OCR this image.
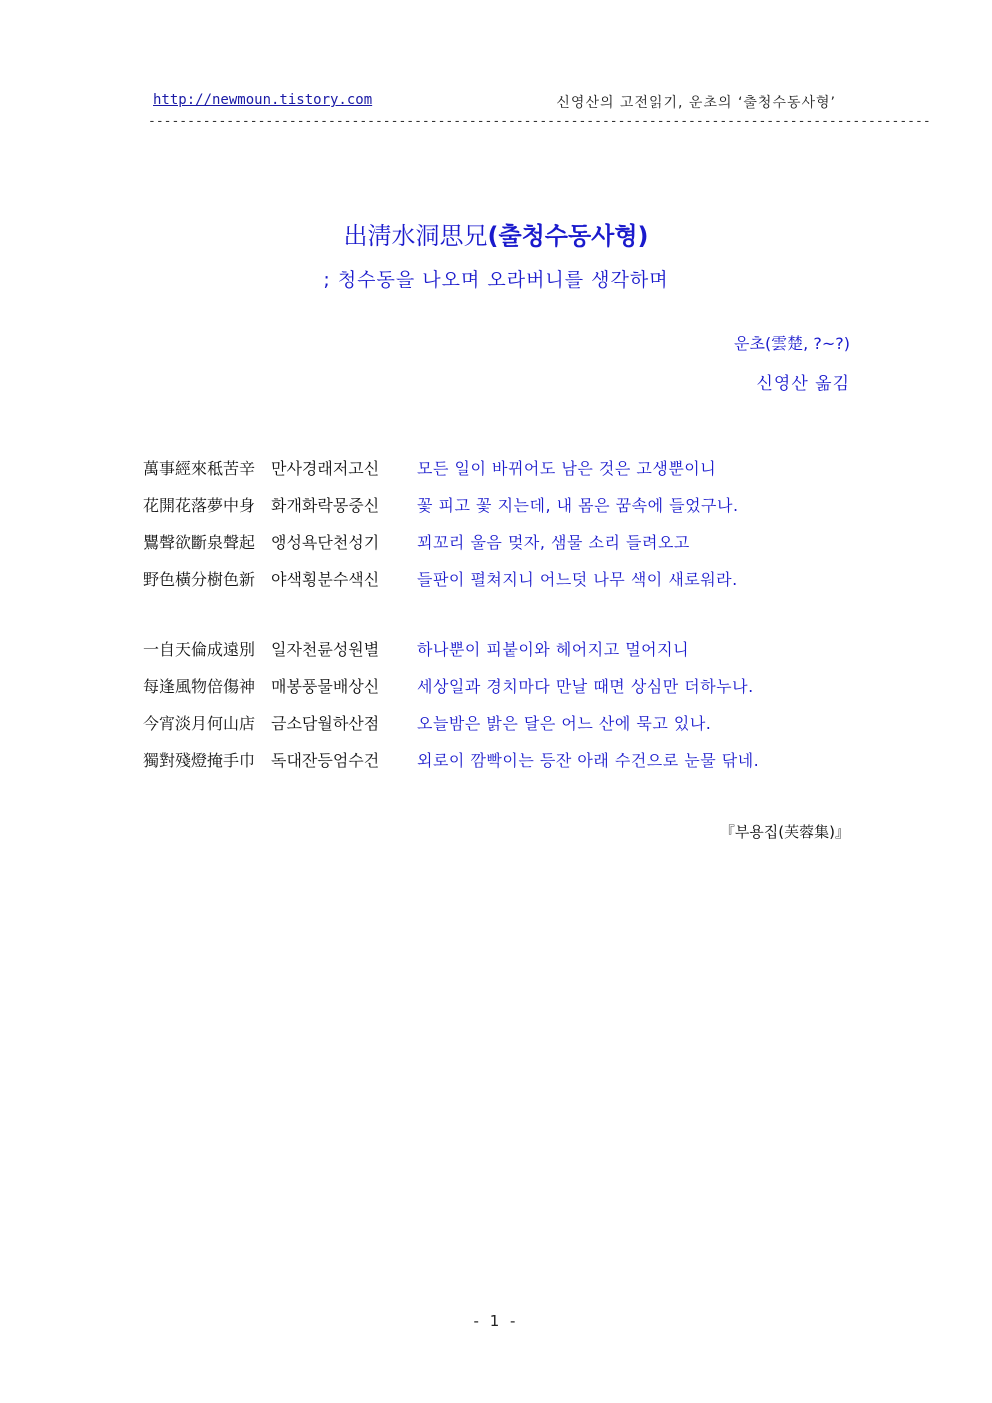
http://newmoun.tistory.com	신영산의 고전읽기, 운초의 ‘출청수동사형’
----------------------------------------------------------------------------------------------------
出淸水洞思兄(출청수동사형)
; 청수동을 나오며 오라버니를 생각하며
운초(雲楚, ?~?)
신영산 옮김
萬事經來秪苦辛 만사경래저고신 모든 일이 바뀌어도 남은 것은 고생뿐이니
花開花落夢中身 화개화락몽중신 꽃 피고 꽃 지는데, 내 몸은 꿈속에 들었구나.
鸎聲欲斷泉聲起 앵성욕단천성기 꾀꼬리 울음 멎자, 샘물 소리 들려오고
野色橫分樹色新 야색횡분수색신 들판이 펼쳐지니 어느덧 나무 색이 새로워라.
一自天倫成遠別 일자천륜성원별 하나뿐이 피붙이와 헤어지고 멀어지니
每逢風物倍傷神 매봉풍물배상신 세상일과 경치마다 만날 때면 상심만 더하누나.
今宵淡月何山店 금소담월하산점 오늘밤은 밝은 달은 어느 산에 묵고 있나.
獨對殘燈掩手巾 독대잔등엄수건 외로이 깜빡이는 등잔 아래 수건으로 눈물 닦네.
『부용집(芙蓉集)』
- 1 -
